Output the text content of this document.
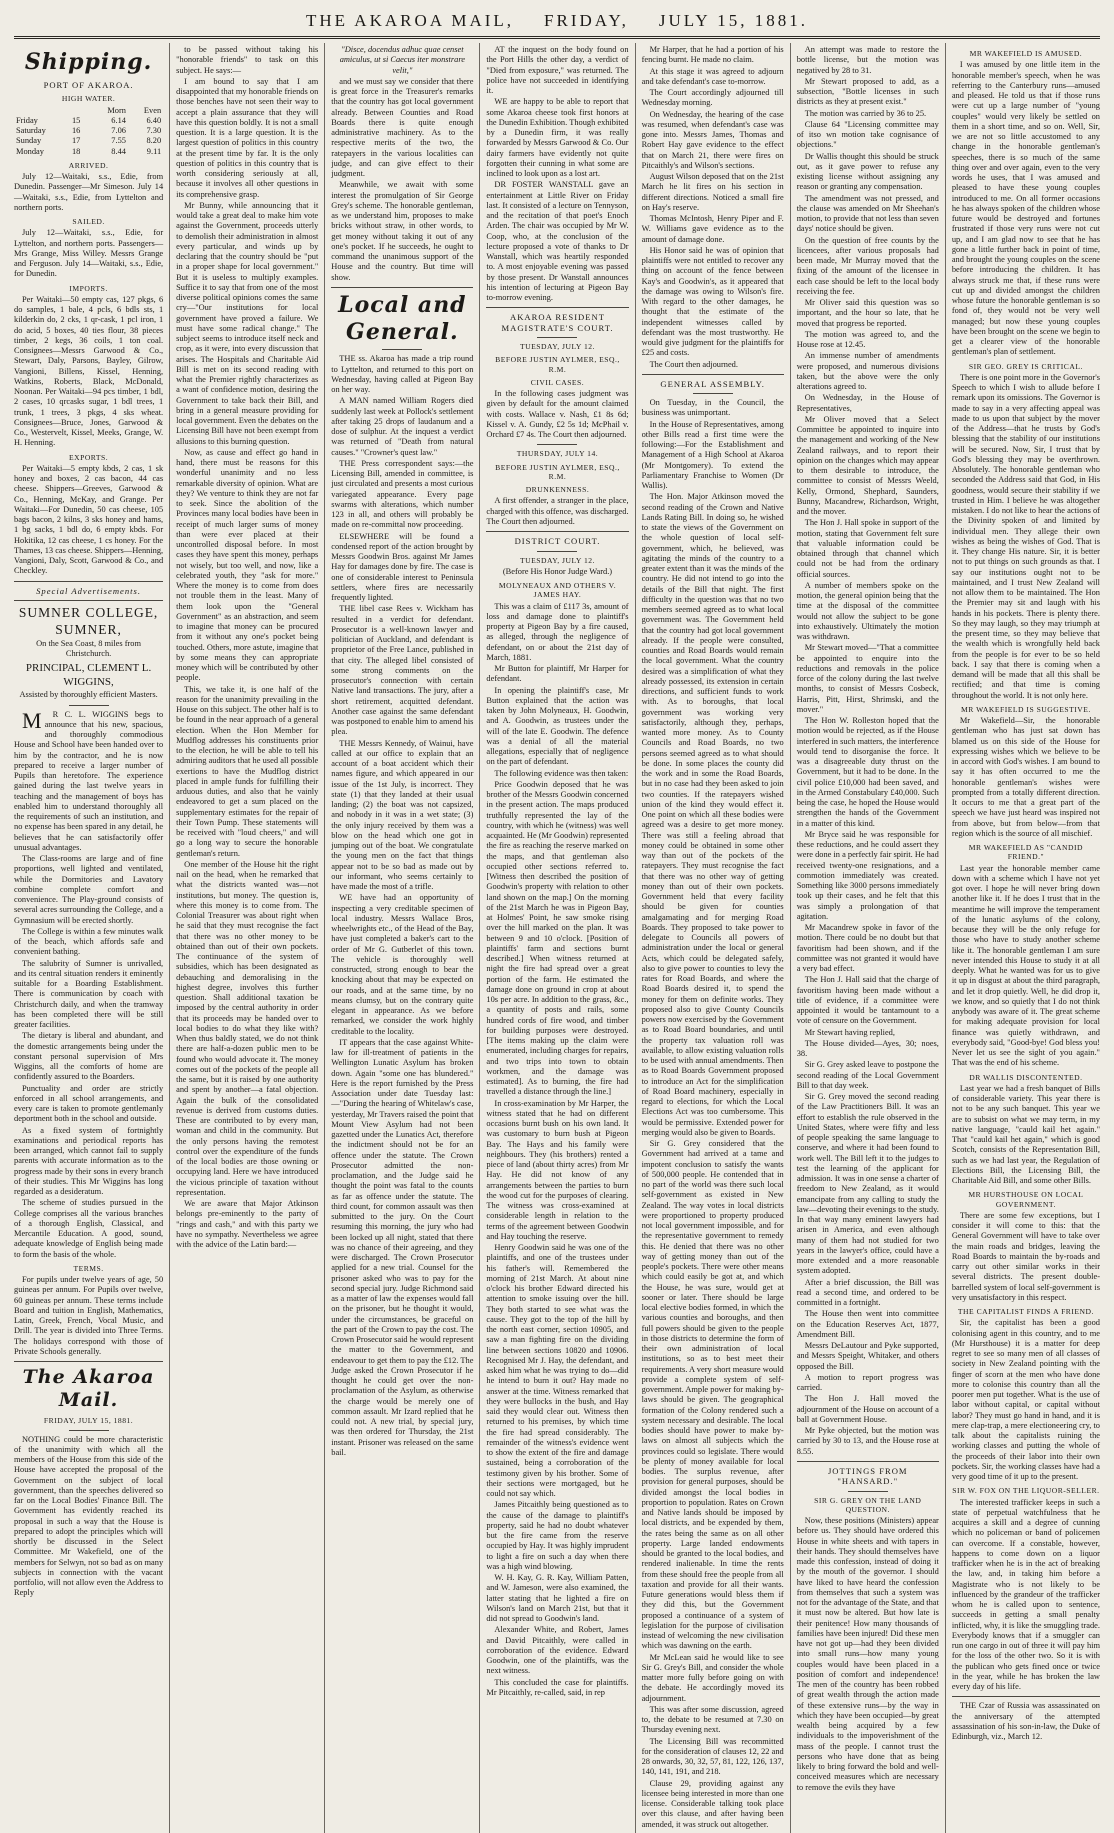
THE AKAROA MAIL, FRIDAY, JULY 15, 1881.
Shipping.
PORT OF AKAROA.
HIGH WATER.
		Morn	Even
Friday	15	6.14	6.40
Saturday	16	7.06	7.30
Sunday	17	7.55	8.20
Monday	18	8.44	9.11
ARRIVED.

July 12—Waitaki, s.s., Edie, from Dunedin. Passenger—Mr Simeson. July 14—Waitaki, s.s., Edie, from Lyttelton and northern ports.

SAILED.

July 12—Waitaki, s.s., Edie, for Lyttelton, and northern ports. Passengers—Mrs Grange, Miss Willey. Messrs Grange and Ferguson. July 14—Waitaki, s.s., Edie, for Dunedin.

IMPORTS.

Per Waitaki—50 empty cas, 127 pkgs, 6 do samples, 1 bale, 4 pcls, 6 bdls sts, 1 kilderkin do, 2 cks, 1 qr-cask, 1 pcl iron, 1 do acid, 5 boxes, 40 ties flour, 38 pieces timber, 2 kegs, 36 coils, 1 ton coal. Consignees—Messrs Garwood & Co., Stewart, Daly, Parsons, Bayley, Gilrow, Vangioni, Billens, Kissel, Henning, Watkins, Roberts, Black, McDonald, Noonan. Per Waitaki—94 pcs timber, 1 bdl, 2 cases, 10 qrcasks sugar, 1 bdl trees, 1 trunk, 1 trees, 3 pkgs, 4 sks wheat. Consignees—Bruce, Jones, Garwood & Co., Westervelt, Kissel, Meeks, Grange, W. H. Henning.

EXPORTS.

Per Waitaki—5 empty kbds, 2 cas, 1 sk honey and boxes, 2 cas bacon, 44 cas cheese. Shippers—Greeves, Garwood & Co., Henning, McKay, and Grange. Per Waitaki—For Dunedin, 50 cas cheese, 105 bags bacon, 2 kilns, 3 sks honey and hams, 1 bg sacks, 1 bdl do, 6 empty kbds. For Hokitika, 12 cas cheese, 1 cs honey. For the Thames, 13 cas cheese. Shippers—Henning, Vangioni, Daly, Scott, Garwood & Co., and Checkley.

Special Advertisements.
SUMNER COLLEGE, SUMNER,

On the Sea Coast, 8 miles from Christchurch.

PRINCIPAL, CLEMENT L. WIGGINS,

Assisted by thoroughly efficient Masters.

M R C. L. WIGGINS begs to announce that his new, spacious, and thoroughly commodious House and School have been handed over to him by the contractor, and he is now prepared to receive a larger number of Pupils than heretofore. The experience gained during the last twelve years in teaching and the management of boys has enabled him to understand thoroughly all the requirements of such an institution, and no expense has been spared in any detail, he believes that he can satisfactorily offer unusual advantages.

The Class-rooms are large and of fine proportions, well lighted and ventilated, while the Dormitories and Lavatory combine complete comfort and convenience. The Play-ground consists of several acres surrounding the College, and a Gymnasium will be erected shortly.

The College is within a few minutes walk of the beach, which affords safe and convenient bathing.

The salubrity of Sumner is unrivalled, and its central situation renders it eminently suitable for a Boarding Establishment. There is communication by coach with Christchurch daily, and when the tramway has been completed there will be still greater facilities.

The dietary is liberal and abundant, and the domestic arrangements being under the constant personal supervision of Mrs Wiggins, all the comforts of home are confidently assured to the Boarders.

Punctuality and order are strictly enforced in all school arrangements, and every care is taken to promote gentlemanly deportment both in the school and outside.

As a fixed system of fortnightly examinations and periodical reports has been arranged, which cannot fail to supply parents with accurate information as to the progress made by their sons in every branch of their studies. This Mr Wiggins has long regarded as a desideratum.

The scheme of studies pursued in the College comprises all the various branches of a thorough English, Classical, and Mercantile Education. A good, sound, adequate knowledge of English being made to form the basis of the whole.

TERMS.

For pupils under twelve years of age, 50 guineas per annum. For Pupils over twelve, 60 guineas per annum. These terms include Board and tuition in English, Mathematics, Latin, Greek, French, Vocal Music, and Drill. The year is divided into Three Terms. The holidays correspond with those of Private Schools generally.

The Akaroa Mail.
FRIDAY, JULY 15, 1881.

NOTHING could be more characteristic of the unanimity with which all the members of the House from this side of the House have accepted the proposal of the Government on the subject of local government, than the speeches delivered so far on the Local Bodies' Finance Bill. The Government has evidently reached its proposal in such a way that the House is prepared to adopt the principles which will shortly be discussed in the Select Committee. Mr Wakefield, one of the members for Selwyn, not so bad as on many subjects in connection with the vacant portfolio, will not allow even the Address to Reply

to be passed without taking his "honorable friends" to task on this subject. He says:—

I am bound to say that I am disappointed that my honorable friends on those benches have not seen their way to accept a plain assurance that they will have this question boldly. It is not a small question. It is a large question. It is the largest question of politics in this country at the present time by far. It is the only question of politics in this country that is worth considering seriously at all, because it involves all other questions in its comprehensive grasp.

Mr Bunny, while announcing that it would take a great deal to make him vote against the Government, proceeds utterly to demolish their administration in almost every particular, and winds up by declaring that the country should be "put in a proper shape for local government." But it is useless to multiply examples. Suffice it to say that from one of the most diverse political opinions comes the same cry—"Our institutions for local government have proved a failure. We must have some radical change." The subject seems to introduce itself neck and crop, as it were, into every discussion that arises. The Hospitals and Charitable Aid Bill is met on its second reading with what the Premier rightly characterizes as a want of confidence motion, desiring the Government to take back their Bill, and bring in a general measure providing for local government. Even the debates on the Licensing Bill have not been exempt from allusions to this burning question.

Now, as cause and effect go hand in hand, there must be reasons for this wonderful unanimity and no less remarkable diversity of opinion. What are they? We venture to think they are not far to seek. Since the abolition of the Provinces many local bodies have been in receipt of much larger sums of money than were ever placed at their uncontrolled disposal before. In most cases they have spent this money, perhaps not wisely, but too well, and now, like a celebrated youth, they "ask for more." Where the money is to come from does not trouble them in the least. Many of them look upon the "General Government" as an abstraction, and seem to imagine that money can be procured from it without any one's pocket being touched. Others, more astute, imagine that by some means they can appropriate money which will be contributed by other people.

This, we take it, is one half of the reason for the unanimity prevailing in the House on this subject. The other half is to be found in the near approach of a general election. When the Hon Member for Mudflog addresses his constituents prior to the election, he will be able to tell his admiring auditors that he used all possible exertions to have the Mudflog district placed in ample funds for fulfilling their arduous duties, and also that he vainly endeavored to get a sum placed on the supplementary estimates for the repair of their Town Pump. These statements will be received with "loud cheers," and will go a long way to secure the honorable gentleman's return.

One member of the House hit the right nail on the head, when he remarked that what the districts wanted was—not institutions, but money. The question is, where this money is to come from. The Colonial Treasurer was about right when he said that they must recognise the fact that there was no other money to be obtained than out of their own pockets. The continuance of the system of subsidies, which has been designated as debauching and demoralising in the highest degree, involves this further question. Shall additional taxation be imposed by the central authority in order that its proceeds may be handed over to local bodies to do what they like with? When thus baldly stated, we do not think there are half-a-dozen public men to be found who would advocate it. The money comes out of the pockets of the people all the same, but it is raised by one authority and spent by another—a fatal objection. Again the bulk of the consolidated revenue is derived from customs duties. These are contributed to by every man, woman and child in the community. But the only persons having the remotest control over the expenditure of the funds of the local bodies are those owning or occupying land. Here we have introduced the vicious principle of taxation without representation.

We are aware that Major Atkinson belongs pre-eminently to the party of "rings and cash," and with this party we have no sympathy. Nevertheless we agree with the advice of the Latin bard:—

"Disce, docendus adhuc quae censet amiculus, ut si Caecus iter monstrare velit,"

and we must say we consider that there is great force in the Treasurer's remarks that the country has got local government already. Between Counties and Road Boards there is quite enough administrative machinery. As to the respective merits of the two, the ratepayers in the various localities can judge, and can give effect to their judgment.

Meanwhile, we await with some interest the promulgation of Sir George Grey's scheme. The honorable gentleman, as we understand him, proposes to make bricks without straw, in other words, to get money without taking it out of any one's pocket. If he succeeds, he ought to command the unanimous support of the House and the country. But time will show.

Local and General.

THE ss. Akaroa has made a trip round to Lyttelton, and returned to this port on Wednesday, having called at Pigeon Bay on her way.

A MAN named William Rogers died suddenly last week at Pollock's settlement after taking 25 drops of laudanum and a dose of sulphur. At the inquest a verdict was returned of "Death from natural causes." "Crowner's quest law."

THE Press correspondent says:—the Licensing Bill, amended in committee, is just circulated and presents a most curious variegated appearance. Every page swarms with alterations, which number 123 in all, and others will probably be made on re-committal now proceeding.

ELSEWHERE will be found a condensed report of the action brought by Messrs Goodwin Bros. against Mr James Hay for damages done by fire. The case is one of considerable interest to Peninsula settlers, where fires are necessarily frequently lighted.

THE libel case Rees v. Wickham has resulted in a verdict for defendant. Prosecutor is a well-known lawyer and politician of Auckland, and defendant is proprietor of the Free Lance, published in that city. The alleged libel consisted of some strong comments on the prosecutor's connection with certain Native land transactions. The jury, after a short retirement, acquitted defendant. Another case against the same defendant was postponed to enable him to amend his plea.

THE Messrs Kennedy, of Wainui, have called at our office to explain that an account of a boat accident which their names figure, and which appeared in our issue of the 1st July, is incorrect. They state (1) that they landed at their usual landing; (2) the boat was not capsized, and nobody in it was in a wet state; (3) the only injury received by them was a blow on the head which one got in jumping out of the boat. We congratulate the young men on the fact that things appear not to be so bad as made out by our informant, who seems certainly to have made the most of a trifle.

WE have had an opportunity of inspecting a very creditable specimen of local industry. Messrs Wallace Bros, wheelwrights etc., of the Head of the Bay, have just completed a baker's cart to the order of Mr G. Gutberlet of this town. The vehicle is thoroughly well constructed, strong enough to bear the knocking about that may be expected on our roads, and at the same time, by no means clumsy, but on the contrary quite elegant in appearance. As we before remarked, we consider the work highly creditable to the locality.

IT appears that the case against White-law for ill-treatment of patients in the Wellington Lunatic Asylum has broken down. Again "some one has blundered." Here is the report furnished by the Press Association under date Tuesday last:—"During the hearing of Whitelaw's case, yesterday, Mr Travers raised the point that Mount View Asylum had not been gazetted under the Lunatics Act, therefore the indictment should not be for an offence under the statute. The Crown Prosecutor admitted the non-proclamation, and the Judge said he thought the point was fatal to the counts as far as offence under the statute. The third count, for common assault was then submitted to the jury. On the Court resuming this morning, the jury who had been locked up all night, stated that there was no chance of their agreeing, and they were discharged. The Crown Prosecutor applied for a new trial. Counsel for the prisoner asked who was to pay for the second special jury. Judge Richmond said as a matter of law the expenses would fall on the prisoner, but he thought it would, under the circumstances, be graceful on the part of the Crown to pay the cost. The Crown Prosecutor said he would represent the matter to the Government, and endeavour to get them to pay the £12. The Judge asked the Crown Prosecutor if he thought he could get over the non-proclamation of the Asylum, as otherwise the charge would be merely one of common assault. Mr Izard replied that he could not. A new trial, by special jury, was then ordered for Thursday, the 21st instant. Prisoner was released on the same bail.

AT the inquest on the body found on the Port Hills the other day, a verdict of "Died from exposure," was returned. The police have not succeeded in identifying it.

WE are happy to be able to report that some Akaroa cheese took first honors at the Dunedin Exhibition. Though exhibited by a Dunedin firm, it was really forwarded by Messrs Garwood & Co. Our dairy farmers have evidently not quite forgotten their cunning in what some are inclined to look upon as a lost art.

DR FOSTER WANSTALL gave an entertainment at Little River on Friday last. It consisted of a lecture on Tennyson, and the recitation of that poet's Enoch Arden. The chair was occupied by Mr W. Coop, who, at the conclusion of the lecture proposed a vote of thanks to Dr Wanstall, which was heartily responded to. A most enjoyable evening was passed by those present. Dr Wanstall announces his intention of lecturing at Pigeon Bay to-morrow evening.

AKAROA RESIDENT MAGISTRATE'S COURT.
TUESDAY, JULY 12.
BEFORE JUSTIN AYLMER, ESQ., R.M.
CIVIL CASES.

In the following cases judgment was given by default for the amount claimed with costs. Wallace v. Nash, £1 8s 6d; Kissel v. A. Gundy, £2 5s 1d; McPhail v. Orchard £7 4s. The Court then adjourned.

THURSDAY, JULY 14.
BEFORE JUSTIN AYLMER, ESQ., R.M.
DRUNKENNESS.

A first offender, a stranger in the place, charged with this offence, was discharged. The Court then adjourned.

DISTRICT COURT.
TUESDAY, JULY 12.

(Before His Honor Judge Ward.)

MOLYNEAUX AND OTHERS V. JAMES HAY.

This was a claim of £117 3s, amount of loss and damage done to plaintiff's property at Pigeon Bay by a fire caused, as alleged, through the negligence of defendant, on or about the 21st day of March, 1881.

Mr Button for plaintiff, Mr Harper for defendant.

In opening the plaintiff's case, Mr Button explained that the action was taken by John Molyneaux, H. Goodwin, and A. Goodwin, as trustees under the will of the late E. Goodwin. The defence was a denial of all the material allegations, especially that of negligence on the part of defendant.

The following evidence was then taken:

Price Goodwin deposed that he was brother of the Messrs Goodwin concerned in the present action. The maps produced truthfully represented the lay of the country, with which he (witness) was well acquainted. He (Mr Goodwin) represented the fire as reaching the reserve marked on the maps, and that gentleman also occupied other sections referred to. [Witness then described the position of Goodwin's property with relation to other land shown on the map.] On the morning of the 21st March he was in Pigeon Bay, at Holmes' Point, he saw smoke rising over the hill marked on the plan. It was between 9 and 10 o'clock. [Position of plaintiffs' farm and sections burnt described.] When witness returned at night the fire had spread over a great portion of the farm. He estimated the damage done on ground in crop at about 10s per acre. In addition to the grass, &c., a quantity of posts and rails, some hundred cords of fire wood, and timber for building purposes were destroyed. [The items making up the claim were enumerated, including charges for repairs, and two trips into town to obtain workmen, and the damage was estimated]. As to burning, the fire had travelled a distance through the line.]

In cross-examination by Mr Harper, the witness stated that he had on different occasions burnt bush on his own land. It was customary to burn bush at Pigeon Bay. The Hays and his family were neighbours. They (his brothers) rented a piece of land (about thirty acres) from Mr Hay. He did not know of any arrangements between the parties to burn the wood cut for the purposes of clearing. The witness was cross-examined at considerable length in relation to the terms of the agreement between Goodwin and Hay touching the reserve.

Henry Goodwin said he was one of the plaintiffs, and one of the trustees under his father's will. Remembered the morning of 21st March. At about nine o'clock his brother Edward directed his attention to smoke issuing over the hill. They both started to see what was the cause. They got to the top of the hill by the north east corner, section 10905, and saw a man fighting fire on the dividing line between sections 10820 and 10906. Recognised Mr J. Hay, the defendant, and asked him what he was trying to do—did he intend to burn it out? Hay made no answer at the time. Witness remarked that they were bullocks in the bush, and Hay said they would clear out. Witness then returned to his premises, by which time the fire had spread considerably. The remainder of the witness's evidence went to show the extent of the fire and damage sustained, being a corroboration of the testimony given by his brother. Some of their sections were mortgaged, but he could not say which.

James Pitcaithly being questioned as to the cause of the damage to plaintiff's property, said he had no doubt whatever but the fire came from the reserve occupied by Hay. It was highly imprudent to light a fire on such a day when there was a high wind blowing.

W. H. Kay, G. R. Kay, William Patten, and W. Jameson, were also examined, the latter stating that he lighted a fire on Wilson's land on March 21st, but that it did not spread to Goodwin's land.

Alexander White, and Robert, James and David Pitcaithly, were called in corroboration of the evidence. Edward Goodwin, one of the plaintiffs, was the next witness.

This concluded the case for plaintiffs. Mr Pitcaithly, re-called, said, in rep

Mr Harper, that he had a portion of his fencing burnt. He made no claim.

At this stage it was agreed to adjourn and take defendant's case to-morrow.

The Court accordingly adjourned till Wednesday morning.

On Wednesday, the hearing of the case was resumed, when defendant's case was gone into. Messrs James, Thomas and Robert Hay gave evidence to the effect that on March 21, there were fires on Pitcaithly's and Wilson's sections.

August Wilson deposed that on the 21st March he lit fires on his section in different directions. Noticed a small fire on Hay's reserve.

Thomas McIntosh, Henry Piper and F. W. Williams gave evidence as to the amount of damage done.

His Honor said he was of opinion that plaintiffs were not entitled to recover any thing on account of the fence between Kay's and Goodwin's, as it appeared that the damage was owing to Wilson's fire. With regard to the other damages, he thought that the estimate of the independent witnesses called by defendant was the most trustworthy. He would give judgment for the plaintiffs for £25 and costs.

The Court then adjourned.

GENERAL ASSEMBLY.

On Tuesday, in the Council, the business was unimportant.

In the House of Representatives, among other Bills read a first time were the following:—For the Establishment and Management of a High School at Akaroa (Mr Montgomery). To extend the Parliamentary Franchise to Women (Dr Wallis).

The Hon. Major Atkinson moved the second reading of the Crown and Native Lands Rating Bill. In doing so, he wished to state the views of the Government on the whole question of local self-government, which, he believed, was agitating the minds of the country to a greater extent than it was the minds of the country. He did not intend to go into the details of the Bill that night. The first difficulty in the question was that no two members seemed agreed as to what local government was. The Government held that the country had got local government already. If the people were consulted, counties and Road Boards would remain the local government. What the country desired was a simplification of what they already possessed, its extension in certain directions, and sufficient funds to work with. As to boroughs, that local government was working very satisfactorily, although they, perhaps, wanted more money. As to County Councils and Road Boards, no two persons seemed agreed as to what should be done. In some places the county did the work and in some the Road Boards, but in no case had they been asked to join two counties. If the ratepayers wished union of the kind they would effect it. One point on which all these bodies were agreed was a desire to get more money. There was still a feeling abroad that money could be obtained in some other way than out of the pockets of the ratepayers. They must recognise the fact that there was no other way of getting money than out of their own pockets. Government held that every facility should be given for counties amalgamating and for merging Road Boards. They proposed to take power to delegate to Councils all powers of administration under the local or general Acts, which could be delegated safely, also to give power to counties to levy the rates for Road Boards, and where the Road Boards desired it, to spend the money for them on definite works. They proposed also to give County Councils powers now exercised by the Government as to Road Board boundaries, and until the property tax valuation roll was available, to allow existing valuation rolls to be used with annual amendments. Then as to Road Boards Government proposed to introduce an Act for the simplification of Road Board machinery, especially in regard to elections, for which the Local Elections Act was too cumbersome. This would be permissive. Extended power for merging would also be given to Boards.

Sir G. Grey considered that the Government had arrived at a tame and impotent conclusion to satisfy the wants of 500,000 people. He contended that in no part of the world was there such local self-government as existed in New Zealand. The way votes in local districts were proportioned to property produced not local government impossible, and for the representative government to remedy this. He denied that there was no other way of getting money than out of the people's pockets. There were other means which could easily be got at, and which the House, he was sure, would get at sooner or later. There should be large local elective bodies formed, in which the various counties and boroughs, and then full powers should be given to the people in those districts to determine the form of their own administration of local institutions, so as to best meet their requirements. A very short measure would provide a complete system of self-government. Ample power for making by-laws should be given. The geographical formation of the Colony rendered such a system necessary and desirable. The local bodies should have power to make by-laws on almost all subjects which the provinces could so legislate. There would be plenty of money available for local bodies. The surplus revenue, after provision for general purposes, should be divided amongst the local bodies in proportion to population. Rates on Crown and Native lands should be imposed by local districts, and be expended by them, the rates being the same as on all other property. Large landed endowments should be granted to the local bodies, and rendered inalienable. In time the rents from these should free the people from all taxation and provide for all their wants. Future generations would bless them if they did this, but the Government proposed a continuance of a system of legislation for the purpose of civilisation instead of welcoming the new civilisation which was dawning on the earth.

Mr McLean said he would like to see Sir G. Grey's Bill, and consider the whole matter more fully before going on with the debate. He accordingly moved its adjournment.

This was after some discussion, agreed to, the debate to be resumed at 7.30 on Thursday evening next.

The Licensing Bill was recommitted for the consideration of clauses 12, 22 and 28 onwards, 30, 32, 57, 81, 122, 126, 137, 140, 141, 191, and 218.

Clause 29, providing against any licensee being interested in more than one license. Considerable talking took place over this clause, and after having been amended, it was struck out altogether.

An attempt was made to restore the bottle license, but the motion was negatived by 28 to 31.

Mr Stewart proposed to add, as a subsection, "Bottle licenses in such districts as they at present exist."

The motion was carried by 36 to 25.

Clause 64 "Licensing committee may of itso wn motion take cognisance of objections."

Dr Wallis thought this should be struck out, as it gave power to refuse any existing license without assigning any reason or granting any compensation.

The amendment was not pressed, and the clause was amended on Mr Sheehan's motion, to provide that not less than seven days' notice should be given.

On the question of free counts by the licencees, after various proposals had been made, Mr Murray moved that the fixing of the amount of the licensee in each case should be left to the local body receiving the fee.

Mr Oliver said this question was so important, and the hour so late, that he moved that progress be reported.

The motion was agreed to, and the House rose at 12.45.

An immense number of amendments were proposed, and numerous divisions taken, but the above were the only alterations agreed to.

On Wednesday, in the House of Representatives,

Mr Oliver moved that a Select Committee be appointed to inquire into the management and working of the New Zealand railways, and to report their opinion on the changes which may appear to them desirable to introduce, the committee to consist of Messrs Weeld, Kelly, Ormond, Shephard, Saunders, Bunny, Macandrew, Richardson, Wright, and the mover.

The Hon J. Hall spoke in support of the motion, stating that Government felt sure that valuable information could be obtained through that channel which could not be had from the ordinary official sources.

A number of members spoke on the motion, the general opinion being that the time at the disposal of the committee would not allow the subject to be gone into exhaustively. Ultimately the motion was withdrawn.

Mr Stewart moved—"That a committee be appointed to enquire into the reductions and removals in the police force of the colony during the last twelve months, to consist of Messrs Cosbeck, Harris, Pitt, Hirst, Shrimski, and the mover."

The Hon W. Rolleston hoped that the motion would be rejected, as if the House interfered in such matters, the interference would tend to disorganise the force. It was a disagreeable duty thrust on the Government, but it had to be done. In the civil police £10,000 had been saved, and in the Armed Constabulary £40,000. Such being the case, he hoped the House would strengthen the hands of the Government in a matter of this kind.

Mr Bryce said he was responsible for these reductions, and he could assert they were done in a perfectly fair spirit. He had received twenty-one resignations, and a commotion immediately was created. Something like 3000 persons immediately took up their cases, and he felt that this was simply a prolongation of that agitation.

Mr Macandrew spoke in favor of the motion. There could be no doubt but that favoritism had been shown, and if the committee was not granted it would have a very bad effect.

The Hon J. Hall said that the charge of favoritism having been made without a title of evidence, if a committee were appointed it would be tantamount to a vote of censure on the Government.

Mr Stewart having replied,

The House divided—Ayes, 30; noes, 38.

Sir G. Grey asked leave to postpone the second reading of the Local Government Bill to that day week.

Sir G. Grey moved the second reading of the Law Practitioners Bill. It was an effort to establish the rule observed in the United States, where were fifty and less of people speaking the same language to conserve, and where it had been found to work well. The Bill left it to the judges to test the learning of the applicant for admission. It was in one sense a charter of freedom to New Zealand, as it would emancipate from any calling to study the law—devoting their evenings to the study. In that way many eminent lawyers had arisen in America, and even although many of them had not studied for two years in the lawyer's office, could have a more extended and a more reasonable system adopted.

After a brief discussion, the Bill was read a second time, and ordered to be committed in a fortnight.

The House then went into committee on the Education Reserves Act, 1877, Amendment Bill.

Messrs DeLautour and Pyke supported, and Messrs Speight, Whitaker, and others opposed the Bill.

A motion to report progress was carried.

The Hon J. Hall moved the adjournment of the House on account of a ball at Government House.

Mr Pyke objected, but the motion was carried by 30 to 13, and the House rose at 8.55.

JOTTINGS FROM "HANSARD."
SIR G. GREY ON THE LAND QUESTION.

Now, these positions (Ministers) appear before us. They should have ordered this House in white sheets and with tapers in their hands. They should themselves have made this confession, instead of doing it by the mouth of the governor. I should have liked to have heard the confession from themselves that such a system was not for the advantage of the State, and that it must now be altered. But how late is their penitence! How many thousands of families have been injured! Did these men have not got up—had they been divided into small runs—how many young couples would have been placed in a position of comfort and independence! The men of the country has been robbed of great wealth through the action made of these extensive runs—by the way in which they have been occupied—by great wealth being acquired by a few individuals to the impoverishment of the mass of the people. I cannot trust the persons who have done that as being likely to bring forward the bold and well-conceived measures which are necessary to remove the evils they have

MR WAKEFIELD IS AMUSED.

I was amused by one little item in the honorable member's speech, when he was referring to the Canterbury runs—amused and pleased. He told us that if those runs were cut up a large number of "young couples" would very likely be settled on them in a short time, and so on. Well, Sir, we are not so little accustomed to any change in the honorable gentleman's speeches, there is so much of the same thing over and over again, even to the very words he uses, that I was amused and pleased to have these young couples introduced to me. On all former occasions he has always spoken of the children whose future would be destroyed and fortunes frustrated if those very runs were not cut up, and I am glad now to see that he has gone a little further back in point of time, and brought the young couples on the scene before introducing the children. It has always struck me that, if these runs were cut up and divided amongst the children whose future the honorable gentleman is so fond of, they would not be very well managed; but now these young couples have been brought on the scene we begin to get a clearer view of the honorable gentleman's plan of settlement.

SIR GEO. GREY IS CRITICAL.

There is one point more in the Governor's Speech to which I wish to allude before I remark upon its omissions. The Governor is made to say in a very affecting appeal was made to us upon that subject by the mover of the Address—that he trusts by God's blessing that the stability of our institutions will be secured. Now, Sir, I trust that by God's blessing they may be overthrown. Absolutely. The honorable gentleman who seconded the Address said that God, in His goodness, would secure their stability if we trusted in Him. I believe he was altogether mistaken. I do not like to hear the actions of the Divinity spoken of and limited by individual men. They allege their own wishes as being the wishes of God. That is it. They change His nature. Sir, it is better not to put things on such grounds as that. I say our institutions ought not to be maintained, and I trust New Zealand will not allow them to be maintained. The Hon the Premier may sit and laugh with his hands in his pockets. There is plenty there. So they may laugh, so they may triumph at the present time, so they may believe that the wealth which is wrongfully held back from the people is for ever to be so held back. I say that there is coming when a demand will be made that all this shall be rectified; and that time is coming throughout the world. It is not only here.

MR WAKEFIELD IS SUGGESTIVE.

Mr Wakefield—Sir, the honorable gentleman who has just sat down has blamed us on this side of the House for expressing wishes which we believe to be in accord with God's wishes. I am bound to say it has often occurred to me the honorable gentleman's wishes were prompted from a totally different direction. It occurs to me that a great part of the speech we have just heard was inspired not from above, but from below—from that region which is the source of all mischief.

MR WAKEFIELD AS "CANDID FRIEND."

Last year the honorable member came down with a scheme which I have not yet got over. I hope he will never bring down another like it. If he does I trust that in the meantime he will improve the temperament of the lunatic asylums of the colony, because they will be the only refuge for those who have to study another scheme like it. The honorable gentleman I am sure never intended this House to study it at all deeply. What he wanted was for us to give it up in disgust at about the third paragraph, and let it drop quietly. Well, he did drop it, we know, and so quietly that I do not think anybody was aware of it. The great scheme for making adequate provision for local finance was quietly withdrawn, and everybody said, "Good-bye! God bless you! Never let us see the sight of you again." That was the end of his scheme.

DR WALLIS DISCONTENTED.

Last year we had a fresh banquet of Bills of considerable variety. This year there is not to be any such banquet. This year we are to subsist on what we may term, in my native language, "cauld kail het again." That "cauld kail het again," which is good Scotch, consists of the Representation Bill, such as we had last year, the Regulation of Elections Bill, the Licensing Bill, the Charitable Aid Bill, and some other Bills.

MR HURSTHOUSE ON LOCAL GOVERNMENT.

There are some few exceptions, but I consider it will come to this: that the General Government will have to take over the main roads and bridges, leaving the Road Boards to maintain the by-roads and carry out other similar works in their several districts. The present double-barrelled system of local self-government is very unsatisfactory in this respect.

THE CAPITALIST FINDS A FRIEND.

Sir, the capitalist has been a good colonising agent in this country, and to me (Mr Hursthouse) it is a matter for deep regret to see so many men of all classes of society in New Zealand pointing with the finger of scorn at the men who have done more to colonise this country than all the poorer men put together. What is the use of labor without capital, or capital without labor? They must go hand in hand, and it is mere clap-trap, a mere electioneering cry, to talk about the capitalists ruining the working classes and putting the whole of the proceeds of their labor into their own pockets. Sir, the working classes have had a very good time of it up to the present.

SIR W. FOX ON THE LIQUOR-SELLER.

The interested trafficker keeps in such a state of perpetual watchfulness that he acquires a skill and a degree of cunning which no policeman or band of policemen can overcome. If a constable, however, happens to come down on a liquor trafficker when he is in the act of breaking the law, and, in taking him before a Magistrate who is not likely to be influenced by the grandeur of the trafficker whom he is called upon to sentence, succeeds in getting a small penalty inflicted, why, it is like the smuggling trade. Everybody knows that if a smuggler can run one cargo in out of three it will pay him for the loss of the other two. So it is with the publican who gets fined once or twice in the year, while he has broken the law every day of his life.

THE Czar of Russia was assassinated on the anniversary of the attempted assassination of his son-in-law, the Duke of Edinburgh, viz., March 12.
